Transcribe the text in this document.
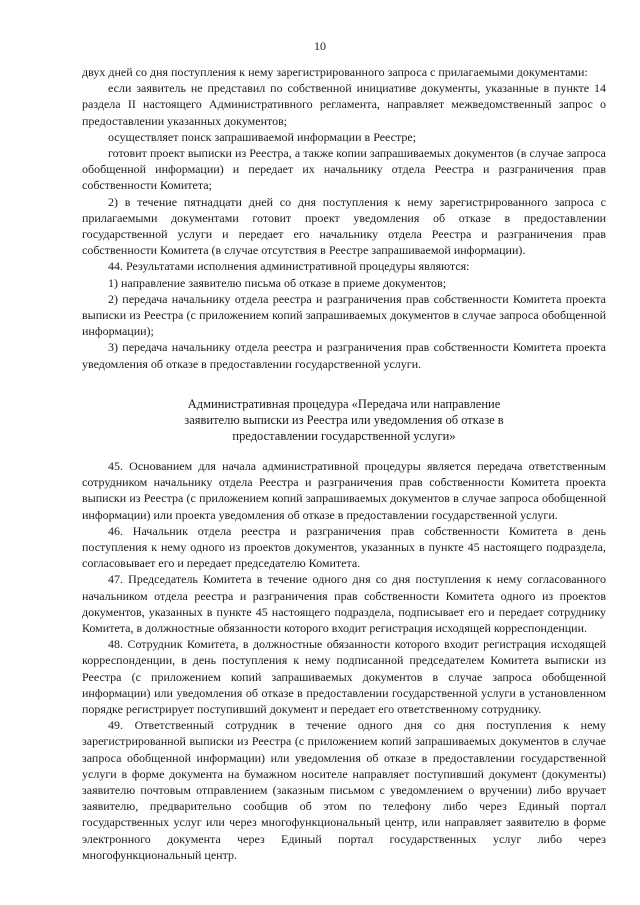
10

двух дней со дня поступления к нему зарегистрированного запроса с прилагаемыми документами:

если заявитель не представил по собственной инициативе документы, указанные в пункте 14 раздела II настоящего Административного регламента, направляет межведомственный запрос о предоставлении указанных документов;

осуществляет поиск запрашиваемой информации в Реестре;

готовит проект выписки из Реестра, а также копии запрашиваемых документов (в случае запроса обобщенной информации) и передает их начальнику отдела Реестра и разграничения прав собственности Комитета;

2) в течение пятнадцати дней со дня поступления к нему зарегистрированного запроса с прилагаемыми документами готовит проект уведомления об отказе в предоставлении государственной услуги и передает его начальнику отдела Реестра и разграничения прав собственности Комитета (в случае отсутствия в Реестре запрашиваемой информации).

44. Результатами исполнения административной процедуры являются:

1) направление заявителю письма об отказе в приеме документов;

2) передача начальнику отдела реестра и разграничения прав собственности Комитета проекта выписки из Реестра (с приложением копий запрашиваемых документов в случае запроса обобщенной информации);

3) передача начальнику отдела реестра и разграничения прав собственности Комитета проекта уведомления об отказе в предоставлении государственной услуги.

Административная процедура «Передача или направление
заявителю выписки из Реестра или уведомления об отказе в
предоставлении государственной услуги»

45. Основанием для начала административной процедуры является передача ответственным сотрудником начальнику отдела Реестра и разграничения прав собственности Комитета проекта выписки из Реестра (с приложением копий запрашиваемых документов в случае запроса обобщенной информации) или проекта уведомления об отказе в предоставлении государственной услуги.

46. Начальник отдела реестра и разграничения прав собственности Комитета в день поступления к нему одного из проектов документов, указанных в пункте 45 настоящего подраздела, согласовывает его и передает председателю Комитета.

47. Председатель Комитета в течение одного дня со дня поступления к нему согласованного начальником отдела реестра и разграничения прав собственности Комитета одного из проектов документов, указанных в пункте 45 настоящего подраздела, подписывает его и передает сотруднику Комитета, в должностные обязанности которого входит регистрация исходящей корреспонденции.

48. Сотрудник Комитета, в должностные обязанности которого входит регистрация исходящей корреспонденции, в день поступления к нему подписанной председателем Комитета выписки из Реестра (с приложением копий запрашиваемых документов в случае запроса обобщенной информации) или уведомления об отказе в предоставлении государственной услуги в установленном порядке регистрирует поступивший документ и передает его ответственному сотруднику.

49. Ответственный сотрудник в течение одного дня со дня поступления к нему зарегистрированной выписки из Реестра (с приложением копий запрашиваемых документов в случае запроса обобщенной информации) или уведомления об отказе в предоставлении государственной услуги в форме документа на бумажном носителе направляет поступивший документ (документы) заявителю почтовым отправлением (заказным письмом с уведомлением о вручении) либо вручает заявителю, предварительно сообщив об этом по телефону либо через Единый портал государственных услуг или через многофункциональный центр, или направляет заявителю в форме электронного документа через Единый портал государственных услуг либо через многофункциональный центр.
